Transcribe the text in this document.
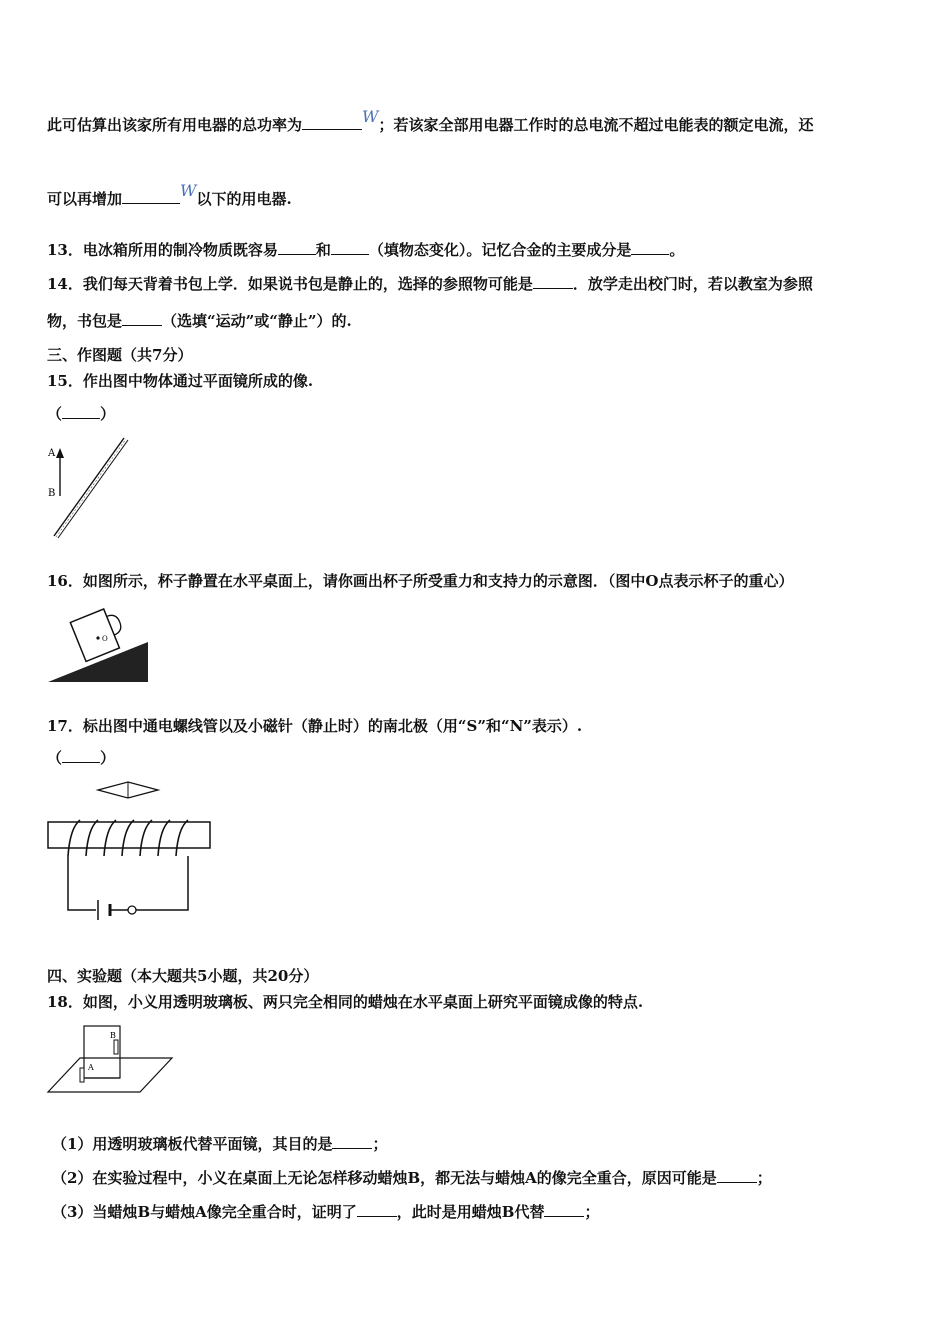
此可估算出该家所有用电器的总功率为	W；若该家全部用电器工作时的总电流不超过电能表的额定电流，还
可以再增加	W以下的用电器.
13．电冰箱所用的制冷物质既容易	和	（填物态变化）。记忆合金的主要成分是	。
14．我们每天背着书包上学．如果说书包是静止的，选择的参照物可能是	．放学走出校门时，若以教室为参照
物，书包是	（选填“运动”或“静止”）的.
三、作图题（共7分）
15．作出图中物体通过平面镜所成的像.
（	）
A
B
16．如图所示，杯子静置在水平桌面上，请你画出杯子所受重力和支持力的示意图．（图中O点表示杯子的重心）
O
17．标出图中通电螺线管以及小磁针（静止时）的南北极（用“S”和“N”表示）.
（	）
四、实验题（本大题共5小题，共20分）
18．如图，小义用透明玻璃板、两只完全相同的蜡烛在水平桌面上研究平面镜成像的特点.
A
B
（1）用透明玻璃板代替平面镜，其目的是	；
（2）在实验过程中，小义在桌面上无论怎样移动蜡烛B，都无法与蜡烛A的像完全重合，原因可能是	；
（3）当蜡烛B与蜡烛A像完全重合时，证明了	，此时是用蜡烛B代替	；
